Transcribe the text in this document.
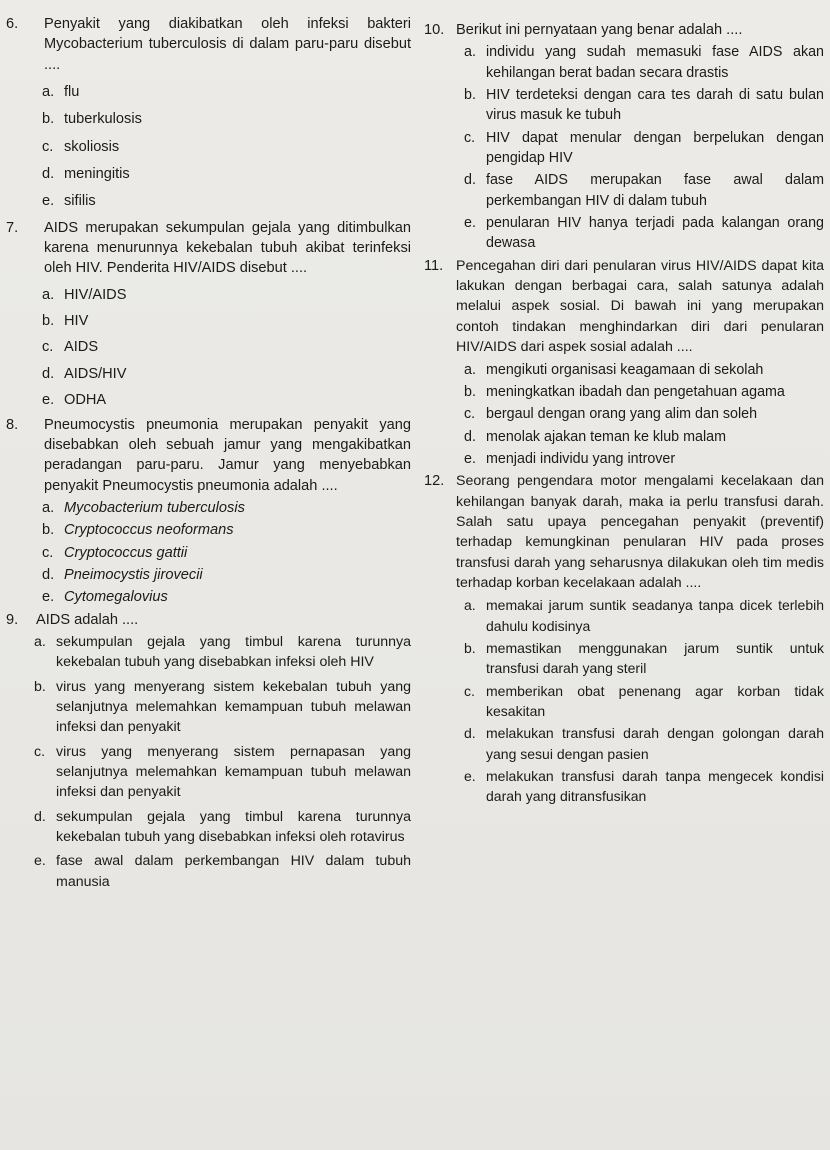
6.	Penyakit yang diakibatkan oleh infeksi bakteri Mycobacterium tuberculosis di dalam paru-paru disebut ....
a. flu
b. tuberkulosis
c. skoliosis
d. meningitis
e. sifilis
7.	AIDS merupakan sekumpulan gejala yang ditimbulkan karena menurunnya kekebalan tubuh akibat terinfeksi oleh HIV. Penderita HIV/AIDS disebut ....
a. HIV/AIDS
b. HIV
c. AIDS
d. AIDS/HIV
e. ODHA
8.	Pneumocystis pneumonia merupakan penyakit yang disebabkan oleh sebuah jamur yang mengakibatkan peradangan paru-paru. Jamur yang menyebabkan penyakit Pneumocystis pneumonia adalah ....
a. Mycobacterium tuberculosis
b. Cryptococcus neoformans
c. Cryptococcus gattii
d. Pneimocystis jirovecii
e. Cytomegalovius
9.	AIDS adalah ....
a. sekumpulan gejala yang timbul karena turunnya kekebalan tubuh yang disebabkan infeksi oleh HIV
b. virus yang menyerang sistem kekebalan tubuh yang selanjutnya melemahkan kemampuan tubuh melawan infeksi dan penyakit
c. virus yang menyerang sistem pernapasan yang selanjutnya melemahkan kemampuan tubuh melawan infeksi dan penyakit
d. sekumpulan gejala yang timbul karena turunnya kekebalan tubuh yang disebabkan infeksi oleh rotavirus
e. fase awal dalam perkembangan HIV dalam tubuh manusia
10. Berikut ini pernyataan yang benar adalah ....
a. individu yang sudah memasuki fase AIDS akan kehilangan berat badan secara drastis
b. HIV terdeteksi dengan cara tes darah di satu bulan virus masuk ke tubuh
c. HIV dapat menular dengan berpelukan dengan pengidap HIV
d. fase AIDS merupakan fase awal dalam perkembangan HIV di dalam tubuh
e. penularan HIV hanya terjadi pada kalangan orang dewasa
11. Pencegahan diri dari penularan virus HIV/AIDS dapat kita lakukan dengan berbagai cara, salah satunya adalah melalui aspek sosial. Di bawah ini yang merupakan contoh tindakan menghindarkan diri dari penularan HIV/AIDS dari aspek sosial adalah ....
a. mengikuti organisasi keagamaan di sekolah
b. meningkatkan ibadah dan pengetahuan agama
c. bergaul dengan orang yang alim dan soleh
d. menolak ajakan teman ke klub malam
e. menjadi individu yang introver
12. Seorang pengendara motor mengalami kecelakaan dan kehilangan banyak darah, maka ia perlu transfusi darah. Salah satu upaya pencegahan penyakit (preventif) terhadap kemungkinan penularan HIV pada proses transfusi darah yang seharusnya dilakukan oleh tim medis terhadap korban kecelakaan adalah ....
a. memakai jarum suntik seadanya tanpa dicek terlebih dahulu kodisinya
b. memastikan menggunakan jarum suntik untuk transfusi darah yang steril
c. memberikan obat penenang agar korban tidak kesakitan
d. melakukan transfusi darah dengan golongan darah yang sesui dengan pasien
e. melakukan transfusi darah tanpa mengecek kondisi darah yang ditransfusikan
